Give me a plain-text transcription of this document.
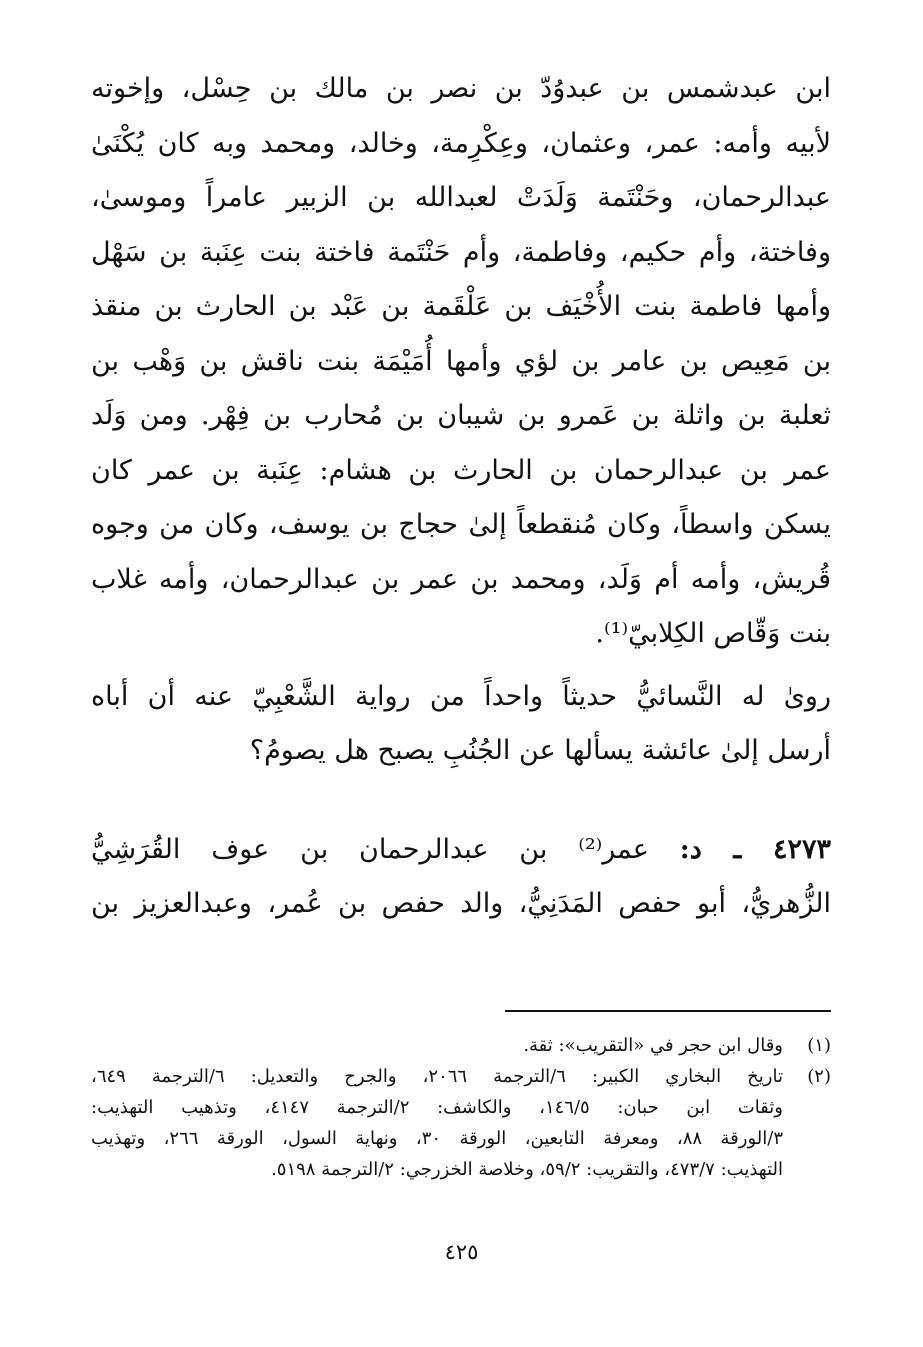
ابن عبدشمس بن عبدوُدّ بن نصر بن مالك بن حِسْل، وإخوته
لأبيه وأمه: عمر، وعثمان، وعِكْرِمة، وخالد، ومحمد وبه كان يُكْنَىٰ
عبدالرحمان، وحَنْتَمة وَلَدَتْ لعبدالله بن الزبير عامراً وموسىٰ،
وفاختة، وأم حكيم، وفاطمة، وأم حَنْتَمة فاختة بنت عِنَبة بن سَهْل
وأمها فاطمة بنت الأُخْيَف بن عَلْقَمة بن عَبْد بن الحارث بن منقذ
بن مَعِيص بن عامر بن لؤي وأمها أُمَيْمَة بنت ناقش بن وَهْب بن
ثعلبة بن واثلة بن عَمرو بن شيبان بن مُحارب بن فِهْر. ومن وَلَد
عمر بن عبدالرحمان بن الحارث بن هشام: عِنَبة بن عمر كان
يسكن واسطاً، وكان مُنقطعاً إلىٰ حجاج بن يوسف، وكان من وجوه
قُريش، وأمه أم وَلَد، ومحمد بن عمر بن عبدالرحمان، وأمه غلاب
بنت وَقّاص الكِلابيّ⁽¹⁾.
روىٰ له النَّسائيُّ حديثاً واحداً من رواية الشَّعْبِيّ عنه أن أباه
أرسل إلىٰ عائشة يسألها عن الجُنُبِ يصبح هل يصومُ؟
٤٢٧٣ ـ د: عمر⁽²⁾ بن عبدالرحمان بن عوف القُرَشِيُّ
الزُّهريُّ، أبو حفص المَدَنِيُّ، والد حفص بن عُمر، وعبدالعزيز بن
(١)
وقال ابن حجر في «التقريب»: ثقة.
(٢)
تاريخ البخاري الكبير: ٦/الترجمة ٢٠٦٦، والجرح والتعديل: ٦/الترجمة ٦٤٩،
وثقات ابن حبان: ١٤٦/٥، والكاشف: ٢/الترجمة ٤١٤٧، وتذهيب التهذيب:
٣/الورقة ٨٨، ومعرفة التابعين، الورقة ٣٠، ونهاية السول، الورقة ٢٦٦، وتهذيب
التهذيب: ٤٧٣/٧، والتقريب: ٥٩/٢، وخلاصة الخزرجي: ٢/الترجمة ٥١٩٨.
٤٢٥
